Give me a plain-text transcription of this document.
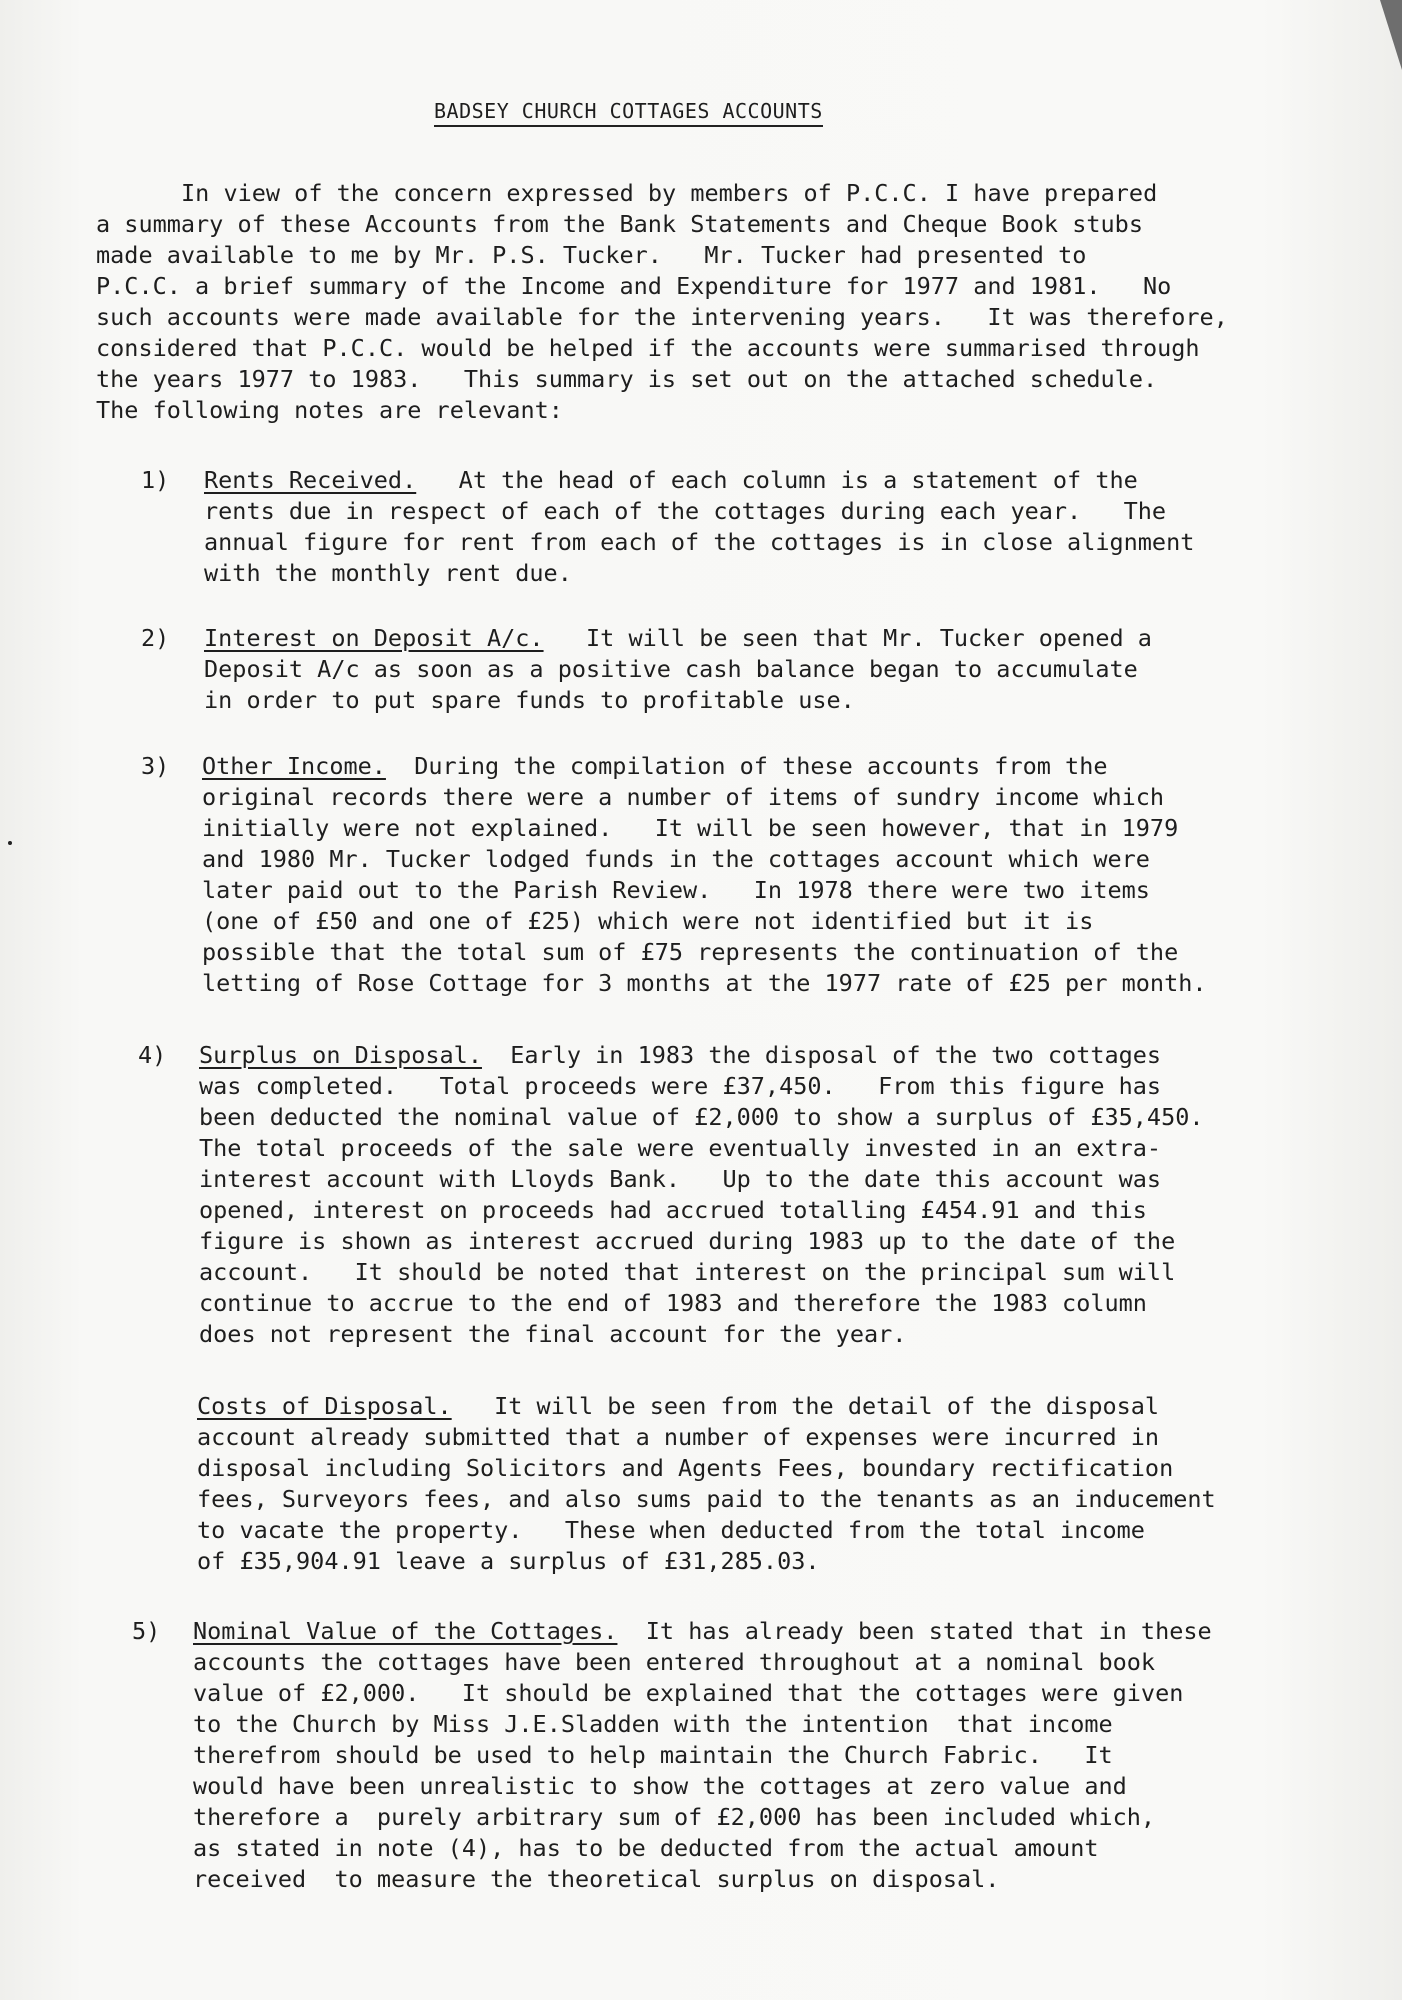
BADSEY CHURCH COTTAGES ACCOUNTS
In view of the concern expressed by members of P.C.C. I have prepared
a summary of these Accounts from the Bank Statements and Cheque Book stubs
made available to me by Mr. P.S. Tucker.   Mr. Tucker had presented to
P.C.C. a brief summary of the Income and Expenditure for 1977 and 1981.   No
such accounts were made available for the intervening years.   It was therefore,
considered that P.C.C. would be helped if the accounts were summarised through
the years 1977 to 1983.   This summary is set out on the attached schedule.
The following notes are relevant:
1) Rents Received.   At the head of each column is a statement of the
rents due in respect of each of the cottages during each year.   The
annual figure for rent from each of the cottages is in close alignment
with the monthly rent due.
2) Interest on Deposit A/c.   It will be seen that Mr. Tucker opened a
Deposit A/c as soon as a positive cash balance began to accumulate
in order to put spare funds to profitable use.
3) Other Income.  During the compilation of these accounts from the
original records there were a number of items of sundry income which
initially were not explained.   It will be seen however, that in 1979
and 1980 Mr. Tucker lodged funds in the cottages account which were
later paid out to the Parish Review.   In 1978 there were two items
(one of £50 and one of £25) which were not identified but it is
possible that the total sum of £75 represents the continuation of the
letting of Rose Cottage for 3 months at the 1977 rate of £25 per month.
4) Surplus on Disposal.  Early in 1983 the disposal of the two cottages
was completed.   Total proceeds were £37,450.   From this figure has
been deducted the nominal value of £2,000 to show a surplus of £35,450.
The total proceeds of the sale were eventually invested in an extra-
interest account with Lloyds Bank.   Up to the date this account was
opened, interest on proceeds had accrued totalling £454.91 and this
figure is shown as interest accrued during 1983 up to the date of the
account.   It should be noted that interest on the principal sum will
continue to accrue to the end of 1983 and therefore the 1983 column
does not represent the final account for the year.
Costs of Disposal.   It will be seen from the detail of the disposal
account already submitted that a number of expenses were incurred in
disposal including Solicitors and Agents Fees, boundary rectification
fees, Surveyors fees, and also sums paid to the tenants as an inducement
to vacate the property.   These when deducted from the total income
of £35,904.91 leave a surplus of £31,285.03.
5) Nominal Value of the Cottages.  It has already been stated that in these
accounts the cottages have been entered throughout at a nominal book
value of £2,000.   It should be explained that the cottages were given
to the Church by Miss J.E.Sladden with the intention  that income
therefrom should be used to help maintain the Church Fabric.   It
would have been unrealistic to show the cottages at zero value and
therefore a  purely arbitrary sum of £2,000 has been included which,
as stated in note (4), has to be deducted from the actual amount
received  to measure the theoretical surplus on disposal.
